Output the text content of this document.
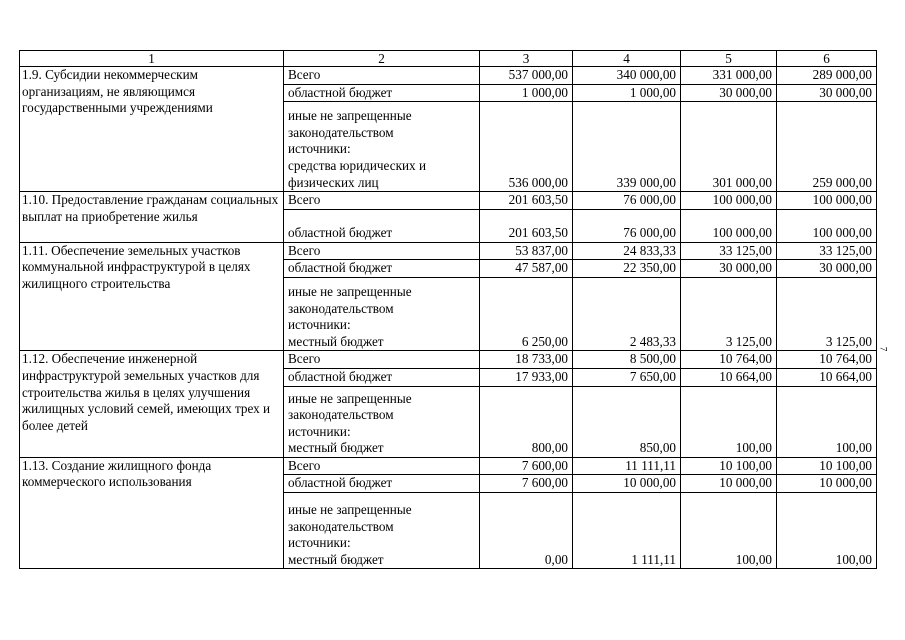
1	2	3	4	5	6
1.9. Субсидии некоммерческим организациям, не являющимся государственными учреждениями	Всего	537 000,00	340 000,00	331 000,00	289 000,00
	областной бюджет	1 000,00	1 000,00	30 000,00	30 000,00
	иные не запрещенные
законодательством
источники:
средства юридических и
физических лиц	536 000,00	339 000,00	301 000,00	259 000,00
1.10. Предоставление гражданам социальных выплат на приобретение жилья	Всего	201 603,50	76 000,00	100 000,00	100 000,00
	областной бюджет	201 603,50	76 000,00	100 000,00	100 000,00
1.11. Обеспечение земельных участков коммунальной инфраструктурой в целях жилищного строительства	Всего	53 837,00	24 833,33	33 125,00	33 125,00
	областной бюджет	47 587,00	22 350,00	30 000,00	30 000,00
	иные не запрещенные
законодательством
источники:
местный бюджет	6 250,00	2 483,33	3 125,00	3 125,00
1.12. Обеспечение инженерной инфраструктурой земельных участков для строительства жилья в целях улучшения жилищных условий семей, имеющих трех и более детей	Всего	18 733,00	8 500,00	10 764,00	10 764,00
	областной бюджет	17 933,00	7 650,00	10 664,00	10 664,00
	иные не запрещенные
законодательством
источники:
местный бюджет	800,00	850,00	100,00	100,00
1.13. Создание жилищного фонда коммерческого использования	Всего	7 600,00	11 111,11	10 100,00	10 100,00
	областной бюджет	7 600,00	10 000,00	10 000,00	10 000,00
	иные не запрещенные
законодательством
источники:
местный бюджет	0,00	1 111,11	100,00	100,00
7
